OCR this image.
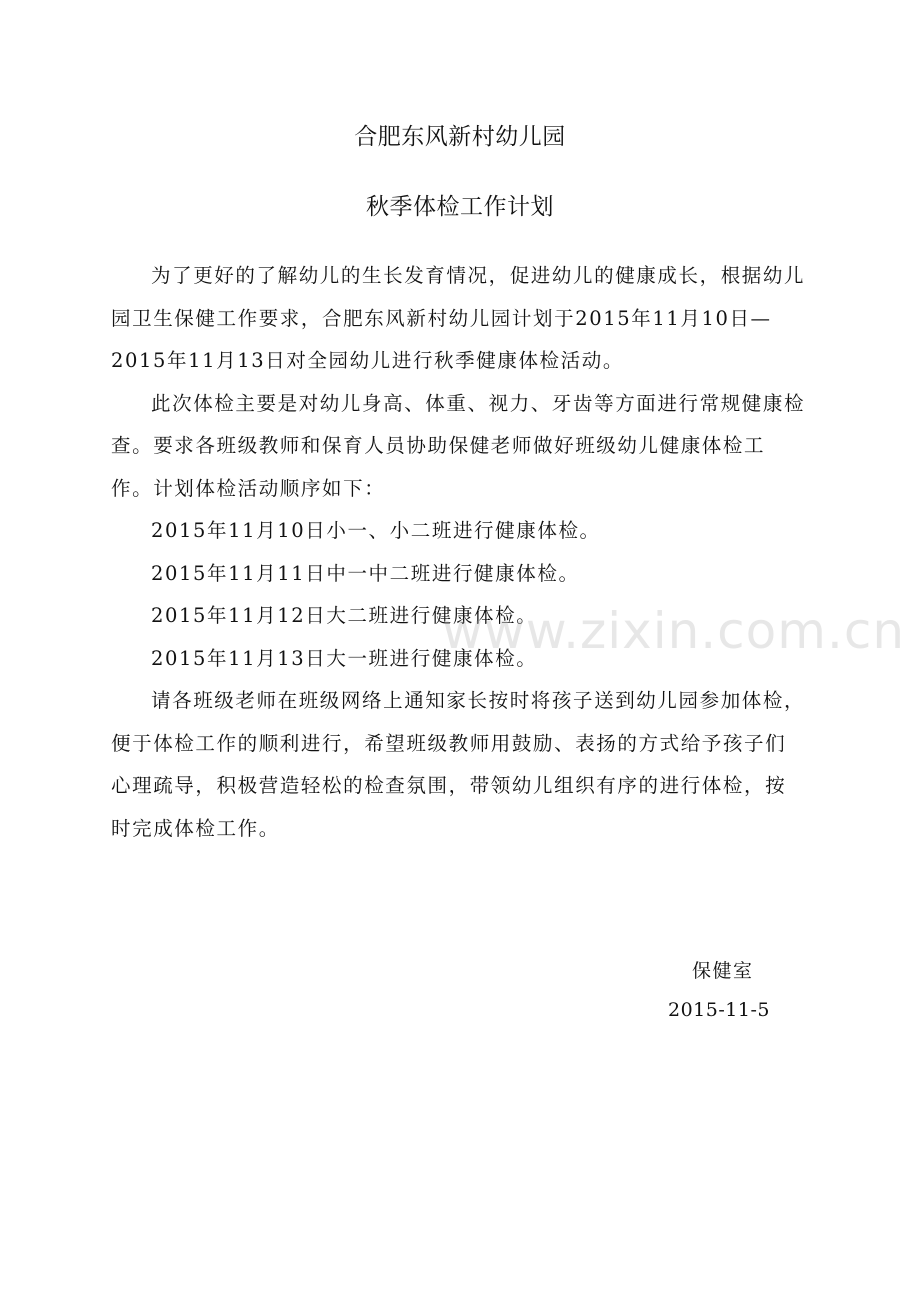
合肥东风新村幼儿园
秋季体检工作计划

为了更好的了解幼儿的生长发育情况，促进幼儿的健康成长，根据幼儿园卫生保健工作要求，合肥东风新村幼儿园计划于2015年11月10日—2015年11月13日对全园幼儿进行秋季健康体检活动。

此次体检主要是对幼儿身高、体重、视力、牙齿等方面进行常规健康检查。要求各班级教师和保育人员协助保健老师做好班级幼儿健康体检工作。计划体检活动顺序如下：

2015年11月10日小一、小二班进行健康体检。

2015年11月11日中一中二班进行健康体检。

2015年11月12日大二班进行健康体检。

2015年11月13日大一班进行健康体检。

请各班级老师在班级网络上通知家长按时将孩子送到幼儿园参加体检，便于体检工作的顺利进行，希望班级教师用鼓励、表扬的方式给予孩子们心理疏导，积极营造轻松的检查氛围，带领幼儿组织有序的进行体检，按时完成体检工作。

保健室
2015-11-5
www.zixin.com.cn
